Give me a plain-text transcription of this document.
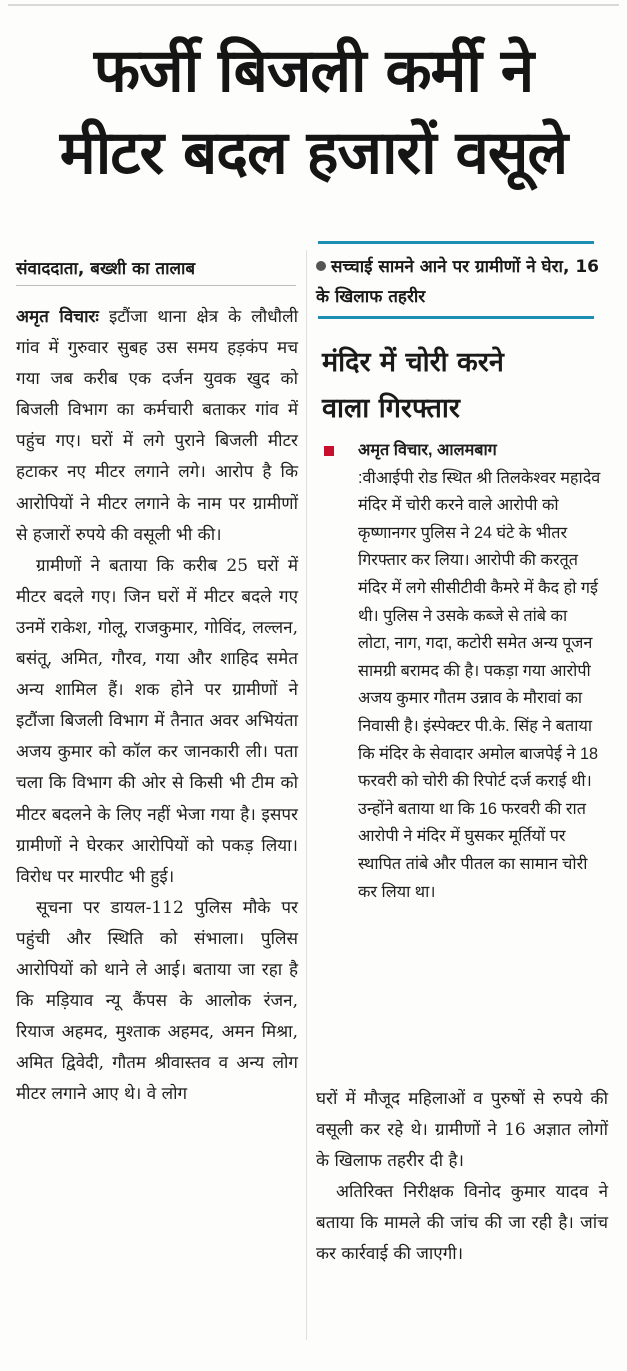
फर्जी बिजली कर्मी ने
मीटर बदल हजारों वसूले
संवाददाता, बख्शी का तालाब

अमृत विचारः इटौंजा थाना क्षेत्र के लौधौली गांव में गुरुवार सुबह उस समय हड़कंप मच गया जब करीब एक दर्जन युवक खुद को बिजली विभाग का कर्मचारी बताकर गांव में पहुंच गए। घरों में लगे पुराने बिजली मीटर हटाकर नए मीटर लगाने लगे। आरोप है कि आरोपियों ने मीटर लगाने के नाम पर ग्रामीणों से हजारों रुपये की वसूली भी की।

ग्रामीणों ने बताया कि करीब 25 घरों में मीटर बदले गए। जिन घरों में मीटर बदले गए उनमें राकेश, गोलू, राजकुमार, गोविंद, लल्लन, बसंतू, अमित, गौरव, गया और शाहिद समेत अन्य शामिल हैं। शक होने पर ग्रामीणों ने इटौंजा बिजली विभाग में तैनात अवर अभियंता अजय कुमार को कॉल कर जानकारी ली। पता चला कि विभाग की ओर से किसी भी टीम को मीटर बदलने के लिए नहीं भेजा गया है। इसपर ग्रामीणों ने घेरकर आरोपियों को पकड़ लिया। विरोध पर मारपीट भी हुई।

सूचना पर डायल-112 पुलिस मौके पर पहुंची और स्थिति को संभाला। पुलिस आरोपियों को थाने ले आई। बताया जा रहा है कि मड़ियाव न्यू कैंपस के आलोक रंजन, रियाज अहमद, मुश्ताक अहमद, अमन मिश्रा, अमित द्विवेदी, गौतम श्रीवास्तव व अन्य लोग मीटर लगाने आए थे। वे लोग

सच्चाई सामने आने पर ग्रामीणों ने घेरा, 16 के खिलाफ तहरीर
मंदिर में चोरी करने
वाला गिरफ्तार
अमृत विचार, आलमबाग
:वीआईपी रोड स्थित श्री तिलकेश्वर महादेव मंदिर में चोरी करने वाले आरोपी को कृष्णानगर पुलिस ने 24 घंटे के भीतर गिरफ्तार कर लिया। आरोपी की करतूत मंदिर में लगे सीसीटीवी कैमरे में कैद हो गई थी। पुलिस ने उसके कब्जे से तांबे का लोटा, नाग, गदा, कटोरी समेत अन्य पूजन सामग्री बरामद की है। पकड़ा गया आरोपी अजय कुमार गौतम उन्नाव के मौरावां का निवासी है। इंस्पेक्टर पी.के. सिंह ने बताया कि मंदिर के सेवादार अमोल बाजपेई ने 18 फरवरी को चोरी की रिपोर्ट दर्ज कराई थी। उन्होंने बताया था कि 16 फरवरी की रात आरोपी ने मंदिर में घुसकर मूर्तियों पर स्थापित तांबे और पीतल का सामान चोरी कर लिया था।

घरों में मौजूद महिलाओं व पुरुषों से रुपये की वसूली कर रहे थे। ग्रामीणों ने 16 अज्ञात लोगों के खिलाफ तहरीर दी है।

अतिरिक्त निरीक्षक विनोद कुमार यादव ने बताया कि मामले की जांच की जा रही है। जांच कर कार्रवाई की जाएगी।
